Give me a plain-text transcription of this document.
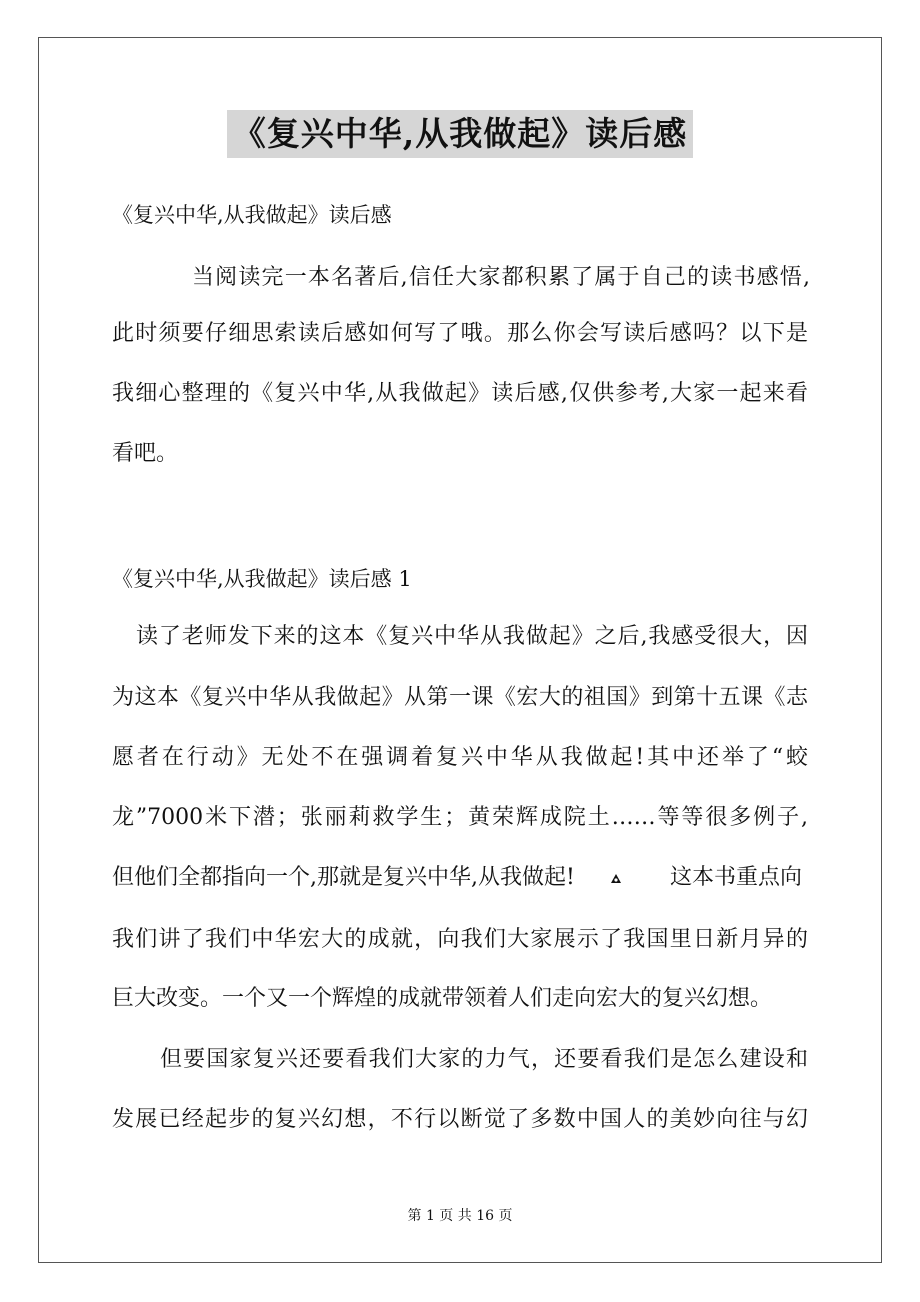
《复兴中华,从我做起》读后感
《复兴中华,从我做起》读后感
当阅读完一本名著后,信任大家都积累了属于自己的读书感悟,
此时须要仔细思索读后感如何写了哦。那么你会写读后感吗？以下是
我细心整理的《复兴中华,从我做起》读后感,仅供参考,大家一起来看
看吧。
《复兴中华,从我做起》读后感 1
读了老师发下来的这本《复兴中华从我做起》之后,我感受很大，因
为这本《复兴中华从我做起》从第一课《宏大的祖国》到第十五课《志
愿者在行动》无处不在强调着复兴中华从我做起!其中还举了“蛟
龙”7000米下潜；张丽莉救学生；黄荣辉成院土……等等很多例子,
但他们全都指向一个,那就是复兴中华,从我做起!	这本书重点向
我们讲了我们中华宏大的成就，向我们大家展示了我国里日新月异的
巨大改变。一个又一个辉煌的成就带领着人们走向宏大的复兴幻想。
但要国家复兴还要看我们大家的力气，还要看我们是怎么建设和
发展已经起步的复兴幻想，不行以断觉了多数中国人的美妙向往与幻
第 1 页 共 16 页
